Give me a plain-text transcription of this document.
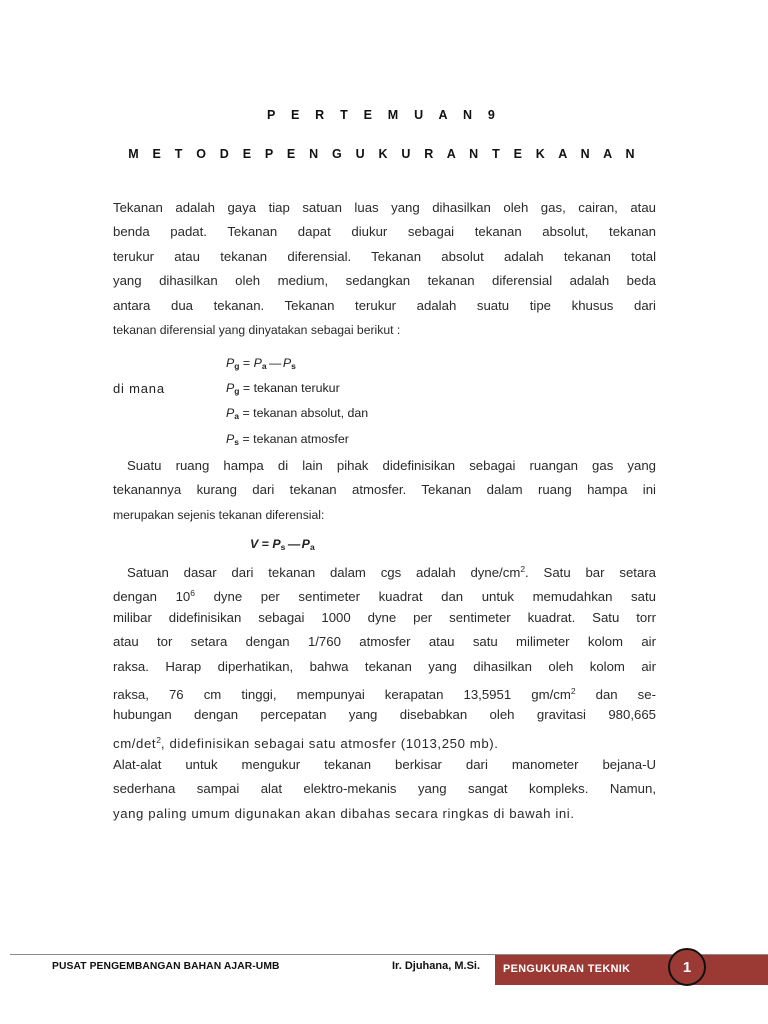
P E R T E M U A N 9
M E T O D E P E N G U K U R A N T E K A N A N
Tekanan adalah gaya tiap satuan luas yang dihasilkan oleh gas, cairan, atau
benda padat. Tekanan dapat diukur sebagai tekanan absolut, tekanan
terukur atau tekanan diferensial. Tekanan absolut adalah tekanan total
yang dihasilkan oleh medium, sedangkan tekanan diferensial adalah beda
antara dua tekanan. Tekanan terukur adalah suatu tipe khusus dari
tekanan diferensial yang dinyatakan sebagai berikut :
$P_g = P_a$ — $P_s$
di mana	$P_g$ = tekanan terukur
$P_a$ = tekanan absolut, dan
$P_s$ = tekanan atmosfer
Suatu ruang hampa di lain pihak didefinisikan sebagai ruangan gas yang
tekanannya kurang dari tekanan atmosfer. Tekanan dalam ruang hampa ini
merupakan sejenis tekanan diferensial:
$V = P_s$ — $P_a$
Satuan dasar dari tekanan dalam cgs adalah dyne/$cm^2$. Satu bar setara
dengan $10^6$ dyne per sentimeter kuadrat dan untuk memudahkan satu
milibar didefinisikan sebagai 1000 dyne per sentimeter kuadrat. Satu torr
atau tor setara dengan 1/760 atmosfer atau satu milimeter kolom air
raksa. Harap diperhatikan, bahwa tekanan yang dihasilkan oleh kolom air
raksa, 76 cm tinggi, mempunyai kerapatan 13,5951 $gm/cm^2$ dan se-
hubungan dengan percepatan yang disebabkan oleh gravitasi 980,665
$cm/\det^2$, didefinisikan sebagai satu atmosfer (1013,250 mb).
Alat-alat untuk mengukur tekanan berkisar dari manometer bejana-U
sederhana sampai alat elektro-mekanis yang sangat kompleks. Namun,
yang paling umum digunakan akan dibahas secara ringkas di bawah ini.
PUSAT PENGEMBANGAN BAHAN AJAR-UMB	Ir. Djuhana, M.Si. PENGUKURAN TEKNIK	1
